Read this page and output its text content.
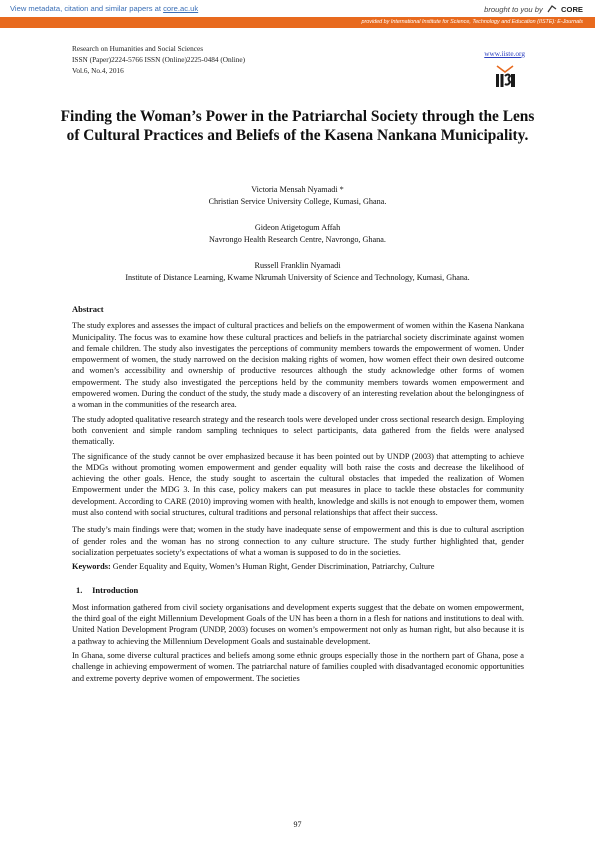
View metadata, citation and similar papers at core.ac.uk	brought to you by CORE
provided by International Institute for Science, Technology and Education (IISTE): E-Journals
Research on Humanities and Social Sciences
ISSN (Paper)2224-5766 ISSN (Online)2225-0484 (Online)
Vol.6, No.4, 2016
www.iiste.org
Finding the Woman’s Power in the Patriarchal Society through the Lens of Cultural Practices and Beliefs of the Kasena Nankana Municipality.
Victoria Mensah Nyamadi *
Christian Service University College, Kumasi, Ghana.
Gideon Atigetogum Affah
Navrongo Health Research Centre, Navrongo, Ghana.
Russell Franklin Nyamadi
Institute of Distance Learning, Kwame Nkrumah University of Science and Technology, Kumasi, Ghana.
Abstract

The study explores and assesses the impact of cultural practices and beliefs on the empowerment of women within the Kasena Nankana Municipality. The focus was to examine how these cultural practices and beliefs in the patriarchal society discriminate against women and female children. The study also investigates the perceptions of community members towards the empowerment of women. Under empowerment of women, the study narrowed on the decision making rights of women, how women effect their own desired outcome and women’s accessibility and ownership of productive resources although the study acknowledge other forms of women empowerment. The study also investigated the perceptions held by the community members towards women empowerment and empowered women. During the conduct of the study, the study made a discovery of an interesting revelation about the belongingness of a woman in the communities of the research area.

The study adopted qualitative research strategy and the research tools were developed under cross sectional research design. Employing both convenient and simple random sampling techniques to select participants, data gathered from the fields were analysed thematically.

The significance of the study cannot be over emphasized because it has been pointed out by UNDP (2003) that attempting to achieve the MDGs without promoting women empowerment and gender equality will both raise the costs and decrease the likelihood of achieving the other goals. Hence, the study sought to ascertain the cultural obstacles that impeded the realization of Women Empowerment under the MDG 3. In this case, policy makers can put measures in place to tackle these obstacles for community development. According to CARE (2010) improving women with health, knowledge and skills is not enough to empower them, women must also contend with social structures, cultural traditions and personal relationships that affect their success.

The study’s main findings were that; women in the study have inadequate sense of empowerment and this is due to cultural ascription of gender roles and the woman has no strong connection to any culture structure. The study further highlighted that, gender socialization perpetuates society’s expectations of what a woman is supposed to do in the societies.

Keywords: Gender Equality and Equity, Women’s Human Right, Gender Discrimination, Patriarchy, Culture

1. Introduction

Most information gathered from civil society organisations and development experts suggest that the debate on women empowerment, the third goal of the eight Millennium Development Goals of the UN has been a thorn in a flesh for nations and institutions to deal with. United Nation Development Program (UNDP, 2003) focuses on women’s empowerment not only as human right, but also because it is a pathway to achieving the Millennium Development Goals and sustainable development.

In Ghana, some diverse cultural practices and beliefs among some ethnic groups especially those in the northern part of Ghana, pose a challenge in achieving empowerment of women. The patriarchal nature of families coupled with disadvantaged economic opportunities and extreme poverty deprive women of empowerment. The societies

97
